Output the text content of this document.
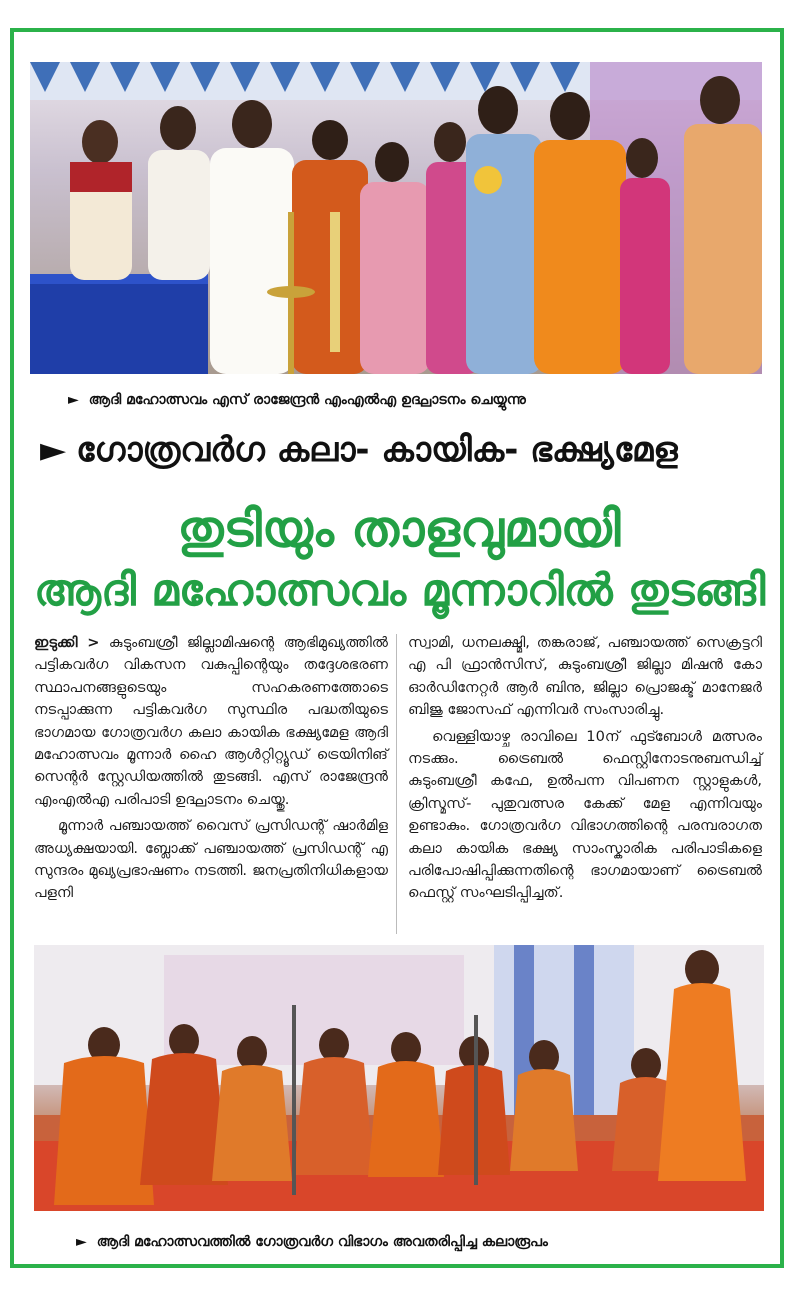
► ആദി മഹോത്സവം എസ് രാജേന്ദ്രൻ എംഎൽഎ ഉദ്ഘാടനം ചെയ്യുന്നു
► ഗോത്രവർഗ കലാ- കായിക- ഭക്ഷ്യമേള
തുടിയും താളവുമായി
ആദി മഹോത്സവം മൂന്നാറിൽ തുടങ്ങി

ഇടുക്കി > കുടുംബശ്രീ ജില്ലാമിഷന്റെ ആഭിമുഖ്യത്തിൽ പട്ടികവർഗ വികസന വകുപ്പിന്റെയും തദ്ദേശഭരണ സ്ഥാപനങ്ങളുടെയും സഹകരണത്തോടെ നടപ്പാക്കുന്ന പട്ടികവർഗ സുസ്ഥിര പദ്ധതിയുടെ ഭാഗമായ ഗോത്രവർഗ കലാ കായിക ഭക്ഷ്യമേള ആദി മഹോത്സവം മൂന്നാർ ഹൈ ആൾറ്റിറ്റ്യൂഡ് ട്രെയിനിങ് സെന്റർ സ്റ്റേഡിയത്തിൽ തുടങ്ങി. എസ് രാജേന്ദ്രൻ എംഎൽഎ പരിപാടി ഉദ്ഘാടനം ചെയ്തു.

മൂന്നാർ പഞ്ചായത്ത് വൈസ് പ്രസിഡന്റ് ഷാർമിള അധ്യക്ഷയായി. ബ്ലോക്ക് പഞ്ചായത്ത് പ്രസിഡന്റ് എ സുന്ദരം മുഖ്യപ്രഭാഷണം നടത്തി. ജനപ്രതിനിധികളായ പളനി

സ്വാമി, ധനലക്ഷ്മി, തങ്കരാജ്, പഞ്ചായത്ത് സെക്രട്ടറി എ പി ഫ്രാൻസിസ്, കുടുംബശ്രീ ജില്ലാ മിഷൻ കോ ഓർഡിനേറ്റർ ആർ ബിനു, ജില്ലാ പ്രൊജക്ട് മാനേജർ ബിജു ജോസഫ് എന്നിവർ സംസാരിച്ചു.

വെള്ളിയാഴ്ച രാവിലെ 10ന് ഫുട്ബോൾ മത്സരം നടക്കും. ട്രൈബൽ ഫെസ്റ്റിനോടനുബന്ധിച്ച് കുടുംബശ്രീ കഫേ, ഉൽപന്ന വിപണന സ്റ്റാളുകൾ, ക്രിസ്മസ്- പുതുവത്സര കേക്ക് മേള എന്നിവയും ഉണ്ടാകും. ഗോത്രവർഗ വിഭാഗത്തിന്റെ പരമ്പരാഗത കലാ കായിക ഭക്ഷ്യ സാംസ്കാരിക പരിപാടികളെ പരിപോഷിപ്പിക്കുന്നതിന്റെ ഭാഗമായാണ് ട്രൈബൽ ഫെസ്റ്റ് സംഘടിപ്പിച്ചത്.

► ആദി മഹോത്സവത്തിൽ ഗോത്രവർഗ വിഭാഗം അവതരിപ്പിച്ച കലാരൂപം
